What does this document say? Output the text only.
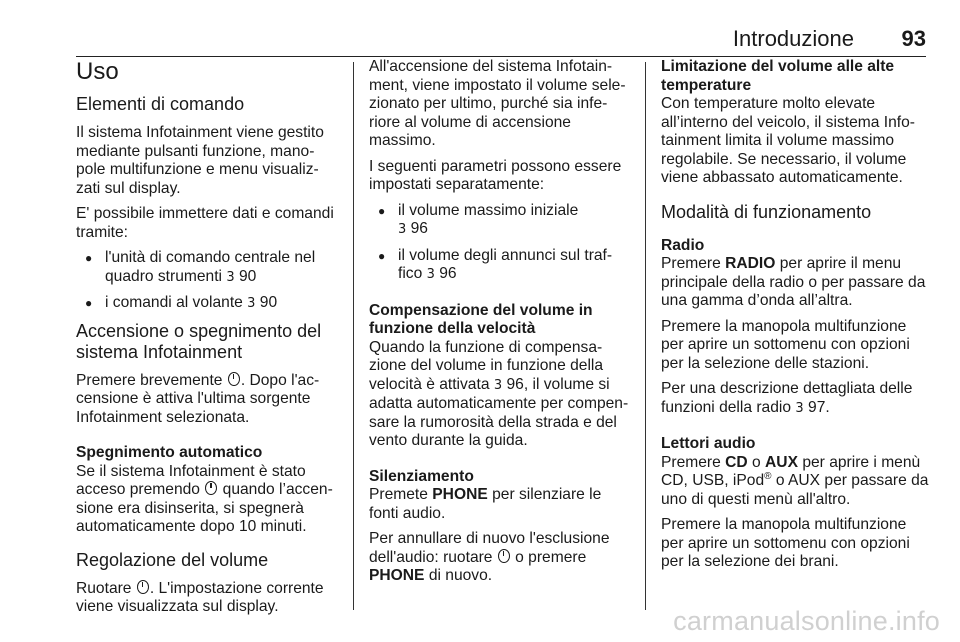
Introduzione 93
Uso
Elementi di comando

Il sistema Infotainment viene gestito mediante pulsanti funzione, mano-pole multifunzione e menu visualiz-zati sul display.

E' possibile immettere dati e comandi tramite:

● l'unità di comando centrale nel quadro strumenti 3 90
● i comandi al volante 3 90
Accensione o spegnimento del sistema Infotainment

Premere brevemente . Dopo l'ac-censione è attiva l'ultima sorgente Infotainment selezionata.

Spegnimento automatico

Se il sistema Infotainment è stato acceso premendo quando l’accen-sione era disinserita, si spegnerà automaticamente dopo 10 minuti.

Regolazione del volume

Ruotare . L'impostazione corrente viene visualizzata sul display.

All'accensione del sistema Infotain-ment, viene impostato il volume sele-zionato per ultimo, purché sia infe-riore al volume di accensione massimo.

I seguenti parametri possono essere impostati separatamente:

● il volume massimo iniziale
3 96
● il volume degli annunci sul traf-fico 3 96
Compensazione del volume in funzione della velocità

Quando la funzione di compensa-zione del volume in funzione della velocità è attivata 3 96, il volume si adatta automaticamente per compen-sare la rumorosità della strada e del vento durante la guida.

Silenziamento

Premete PHONE per silenziare le fonti audio.

Per annullare di nuovo l'esclusione dell'audio: ruotare o premere
PHONE di nuovo.

Limitazione del volume alle alte temperature

Con temperature molto elevate all’interno del veicolo, il sistema Info-tainment limita il volume massimo regolabile. Se necessario, il volume viene abbassato automaticamente.

Modalità di funzionamento
Radio

Premere RADIO per aprire il menu principale della radio o per passare da una gamma d’onda all’altra.

Premere la manopola multifunzione per aprire un sottomenu con opzioni per la selezione delle stazioni.

Per una descrizione dettagliata delle funzioni della radio 3 97.

Lettori audio

Premere CD o AUX per aprire i menù CD, USB, iPod® o AUX per passare da uno di questi menù all'altro.

Premere la manopola multifunzione per aprire un sottomenu con opzioni per la selezione dei brani.

carmanualsonline.info
